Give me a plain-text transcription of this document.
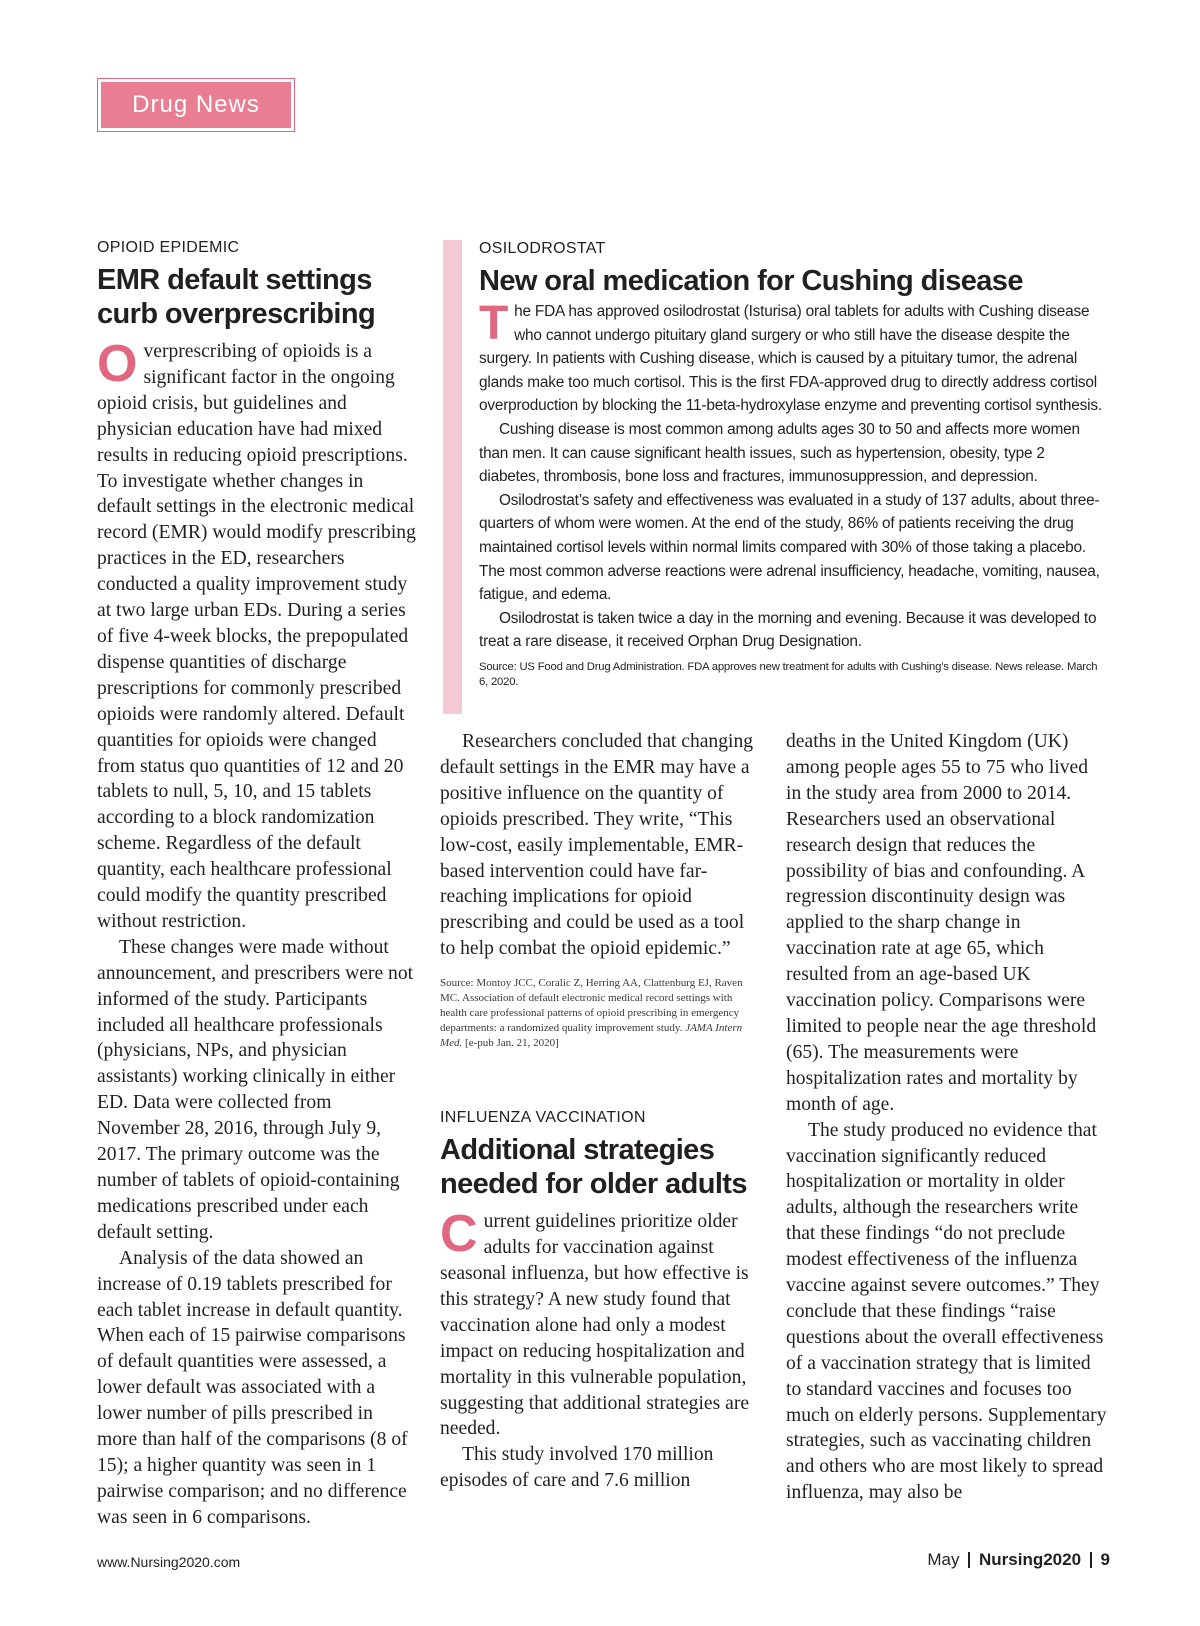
Drug News
OPIOID EPIDEMIC
EMR default settings curb overprescribing

Overprescribing of opioids is a significant factor in the ongoing opioid crisis, but guidelines and physician education have had mixed results in reducing opioid prescriptions. To investigate whether changes in default settings in the electronic medical record (EMR) would modify prescribing practices in the ED, researchers conducted a quality improvement study at two large urban EDs. During a series of five 4-week blocks, the prepopulated dispense quantities of discharge prescriptions for commonly prescribed opioids were randomly altered. Default quantities for opioids were changed from status quo quantities of 12 and 20 tablets to null, 5, 10, and 15 tablets according to a block randomization scheme. Regardless of the default quantity, each healthcare professional could modify the quantity prescribed without restriction.

These changes were made without announcement, and prescribers were not informed of the study. Participants included all healthcare professionals (physicians, NPs, and physician assistants) working clinically in either ED. Data were collected from November 28, 2016, through July 9, 2017. The primary outcome was the number of tablets of opioid-containing medications prescribed under each default setting.

Analysis of the data showed an increase of 0.19 tablets prescribed for each tablet increase in default quantity. When each of 15 pairwise comparisons of default quantities were assessed, a lower default was associated with a lower number of pills prescribed in more than half of the comparisons (8 of 15); a higher quantity was seen in 1 pairwise comparison; and no difference was seen in 6 comparisons.

OSILODROSTAT
New oral medication for Cushing disease

The FDA has approved osilodrostat (Isturisa) oral tablets for adults with Cushing disease who cannot undergo pituitary gland surgery or who still have the disease despite the surgery. In patients with Cushing disease, which is caused by a pituitary tumor, the adrenal glands make too much cortisol. This is the first FDA-approved drug to directly address cortisol overproduction by blocking the 11-beta-hydroxylase enzyme and preventing cortisol synthesis.

Cushing disease is most common among adults ages 30 to 50 and affects more women than men. It can cause significant health issues, such as hypertension, obesity, type 2 diabetes, thrombosis, bone loss and fractures, immunosuppression, and depression.

Osilodrostat’s safety and effectiveness was evaluated in a study of 137 adults, about three-quarters of whom were women. At the end of the study, 86% of patients receiving the drug maintained cortisol levels within normal limits compared with 30% of those taking a placebo. The most common adverse reactions were adrenal insufficiency, headache, vomiting, nausea, fatigue, and edema.

Osilodrostat is taken twice a day in the morning and evening. Because it was developed to treat a rare disease, it received Orphan Drug Designation.

Source: US Food and Drug Administration. FDA approves new treatment for adults with Cushing’s disease. News release. March 6, 2020.

Researchers concluded that changing default settings in the EMR may have a positive influence on the quantity of opioids prescribed. They write, “This low-cost, easily implementable, EMR-based intervention could have far-reaching implications for opioid prescribing and could be used as a tool to help combat the opioid epidemic.”

Source: Montoy JCC, Coralic Z, Herring AA, Clattenburg EJ, Raven MC. Association of default electronic medical record settings with health care professional patterns of opioid prescribing in emergency departments: a randomized quality improvement study. JAMA Intern Med. [e-pub Jan. 21, 2020]
INFLUENZA VACCINATION
Additional strategies needed for older adults

Current guidelines prioritize older adults for vaccination against seasonal influenza, but how effective is this strategy? A new study found that vaccination alone had only a modest impact on reducing hospitalization and mortality in this vulnerable population, suggesting that additional strategies are needed.

This study involved 170 million episodes of care and 7.6 million

deaths in the United Kingdom (UK) among people ages 55 to 75 who lived in the study area from 2000 to 2014. Researchers used an observational research design that reduces the possibility of bias and confounding. A regression discontinuity design was applied to the sharp change in vaccination rate at age 65, which resulted from an age-based UK vaccination policy. Comparisons were limited to people near the age threshold (65). The measurements were hospitalization rates and mortality by month of age.

The study produced no evidence that vaccination significantly reduced hospitalization or mortality in older adults, although the researchers write that these findings “do not preclude modest effectiveness of the influenza vaccine against severe outcomes.” They conclude that these findings “raise questions about the overall effectiveness of a vaccination strategy that is limited to standard vaccines and focuses too much on elderly persons. Supplementary strategies, such as vaccinating children and others who are most likely to spread influenza, may also be

www.Nursing2020.com	May Nursing2020 9
